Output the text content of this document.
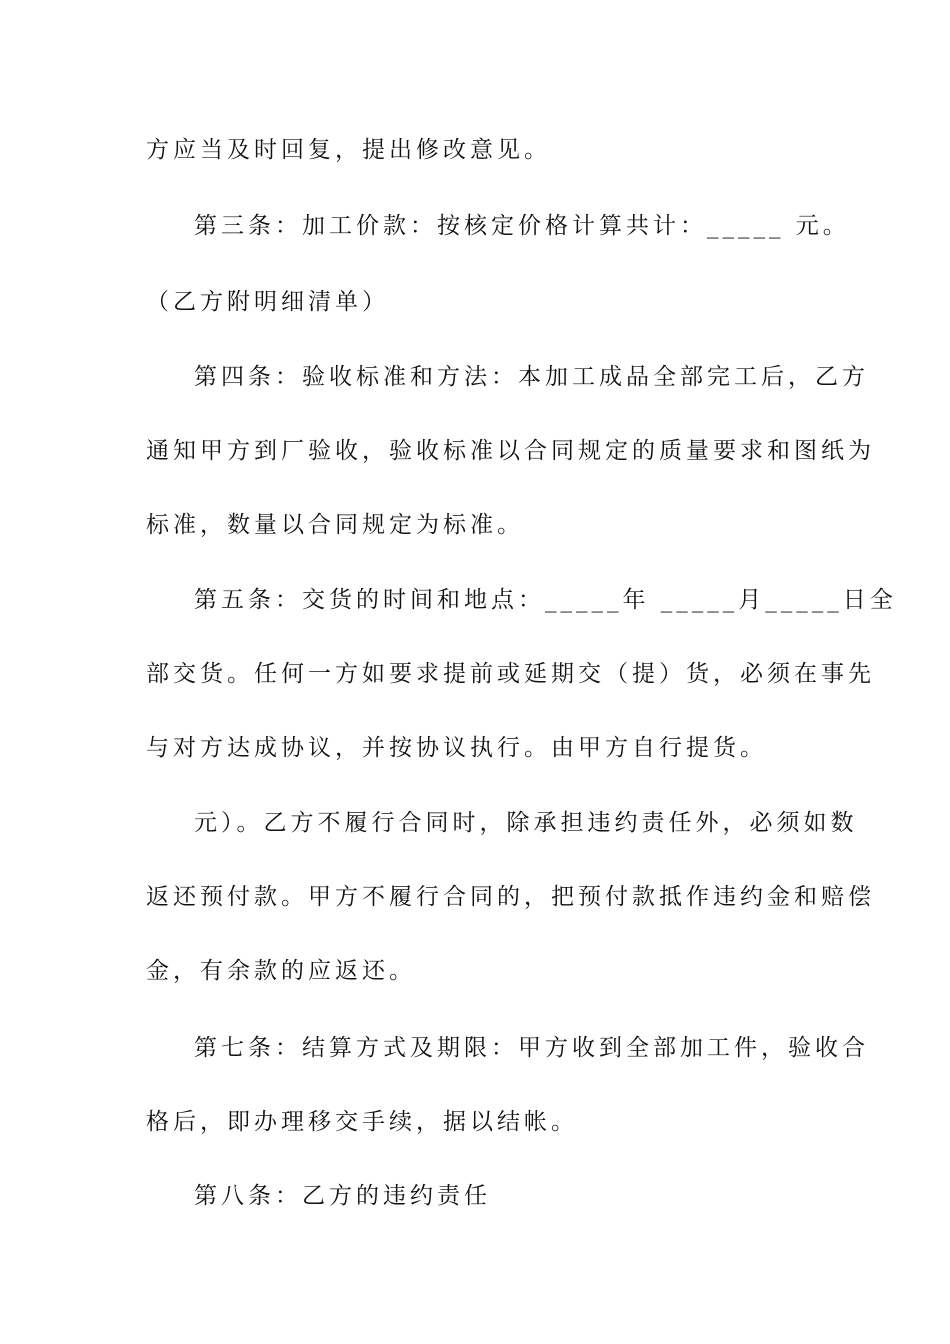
方应当及时回复，提出修改意见。
第三条：加工价款：按核定价格计算共计：_____ 元。
（乙方附明细清单）
第四条：验收标准和方法：本加工成品全部完工后，乙方
通知甲方到厂验收，验收标准以合同规定的质量要求和图纸为
标准，数量以合同规定为标准。
第五条：交货的时间和地点：_____年 _____月_____日全
部交货。任何一方如要求提前或延期交（提）货，必须在事先
与对方达成协议，并按协议执行。由甲方自行提货。
元）。乙方不履行合同时，除承担违约责任外，必须如数
返还预付款。甲方不履行合同的，把预付款抵作违约金和赔偿
金，有余款的应返还。
第七条：结算方式及期限：甲方收到全部加工件，验收合
格后，即办理移交手续，据以结帐。
第八条：乙方的违约责任
